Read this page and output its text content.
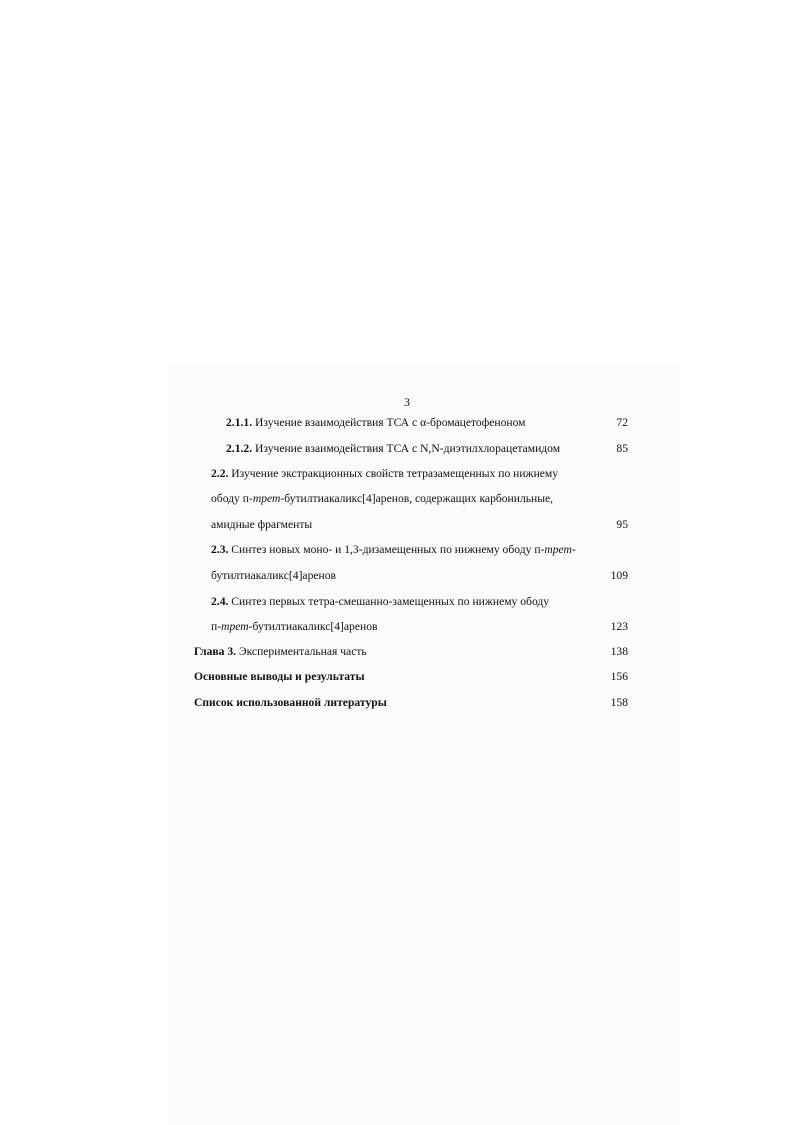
3
2.1.1. Изучение взаимодействия ТСА с α-бромацетофеноном	72
2.1.2. Изучение взаимодействия ТСА с N,N-диэтилхлорацетамидом	85
2.2. Изучение экстракционных свойств тетразамещенных по нижнему
ободу п-трет-бутилтиакаликс[4]аренов, содержащих карбонильные,
амидные фрагменты	95
2.3. Синтез новых моно- и 1,3-дизамещенных по нижнему ободу п-трет-
бутилтиакаликс[4]аренов	109
2.4. Синтез первых тетра-смешанно-замещенных по нижнему ободу
п-трет-бутилтиакаликс[4]аренов	123
Глава 3. Экспериментальная часть	138
Основные выводы и результаты	156
Список использованной литературы	158
